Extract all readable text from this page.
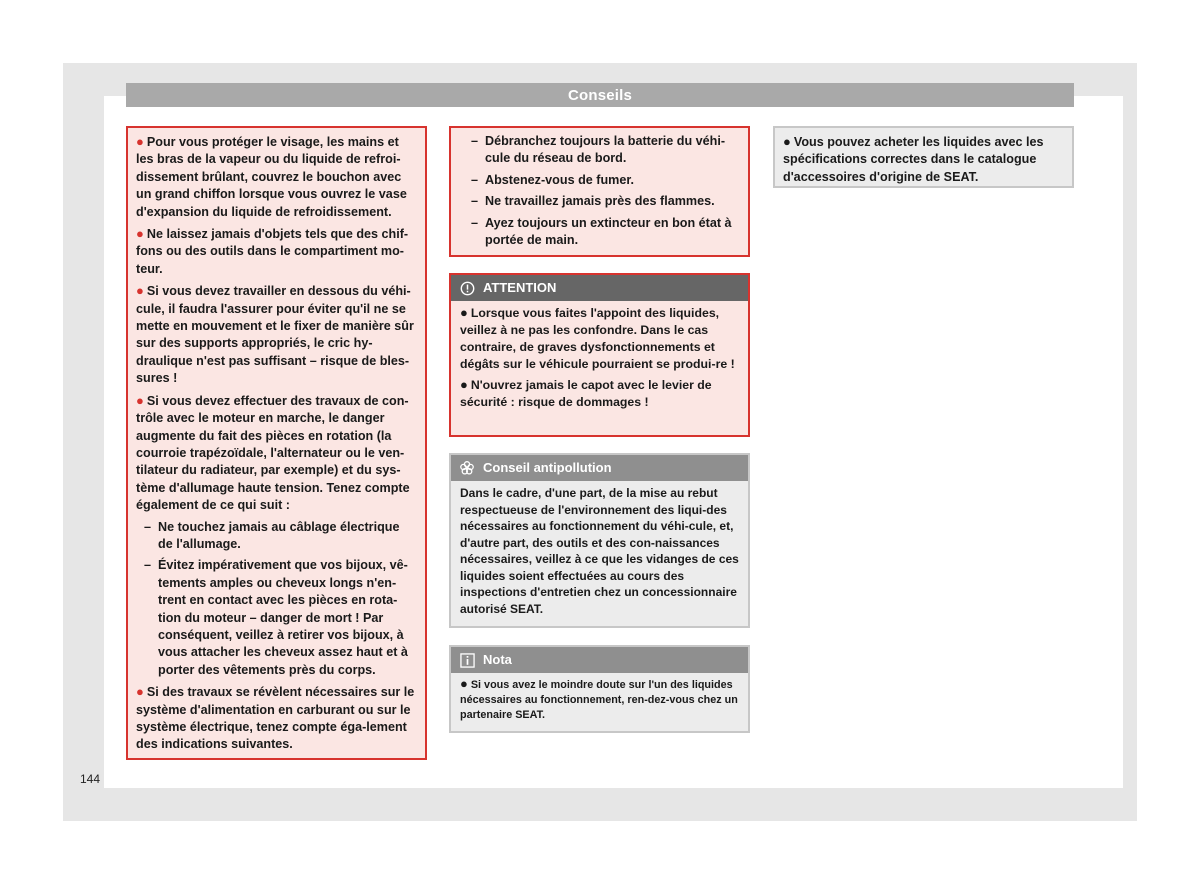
Conseils

● Pour vous protéger le visage, les mains et les bras de la vapeur ou du liquide de refroi-dissement brûlant, couvrez le bouchon avec un grand chiffon lorsque vous ouvrez le vase d'expansion du liquide de refroidissement.

● Ne laissez jamais d'objets tels que des chif-fons ou des outils dans le compartiment mo-teur.

● Si vous devez travailler en dessous du véhi-cule, il faudra l'assurer pour éviter qu'il ne se mette en mouvement et le fixer de manière sûr sur des supports appropriés, le cric hy-draulique n'est pas suffisant – risque de bles-sures !

● Si vous devez effectuer des travaux de con-trôle avec le moteur en marche, le danger augmente du fait des pièces en rotation (la courroie trapézoïdale, l'alternateur ou le ven-tilateur du radiateur, par exemple) et du sys-tème d'allumage haute tension. Tenez compte également de ce qui suit :

– Ne touchez jamais au câblage électrique de l'allumage.
– Évitez impérativement que vos bijoux, vê-tements amples ou cheveux longs n'en-trent en contact avec les pièces en rota-tion du moteur – danger de mort ! Par conséquent, veillez à retirer vos bijoux, à vous attacher les cheveux assez haut et à porter des vêtements près du corps.

● Si des travaux se révèlent nécessaires sur le système d'alimentation en carburant ou sur le système électrique, tenez compte éga-lement des indications suivantes.

– Débranchez toujours la batterie du véhi-cule du réseau de bord.
– Abstenez-vous de fumer.
– Ne travaillez jamais près des flammes.
– Ayez toujours un extincteur en bon état à portée de main.
ATTENTION

● Lorsque vous faites l'appoint des liquides, veillez à ne pas les confondre. Dans le cas contraire, de graves dysfonctionnements et dégâts sur le véhicule pourraient se produi-re !

● N'ouvrez jamais le capot avec le levier de sécurité : risque de dommages !

Conseil antipollution

Dans le cadre, d'une part, de la mise au rebut respectueuse de l'environnement des liqui-des nécessaires au fonctionnement du véhi-cule, et, d'autre part, des outils et des con-naissances nécessaires, veillez à ce que les vidanges de ces liquides soient effectuées au cours des inspections d'entretien chez un concessionnaire autorisé SEAT.

Nota

● Si vous avez le moindre doute sur l'un des liquides nécessaires au fonctionnement, ren-dez-vous chez un partenaire SEAT.

● Vous pouvez acheter les liquides avec les spécifications correctes dans le catalogue d'accessoires d'origine de SEAT.

144
